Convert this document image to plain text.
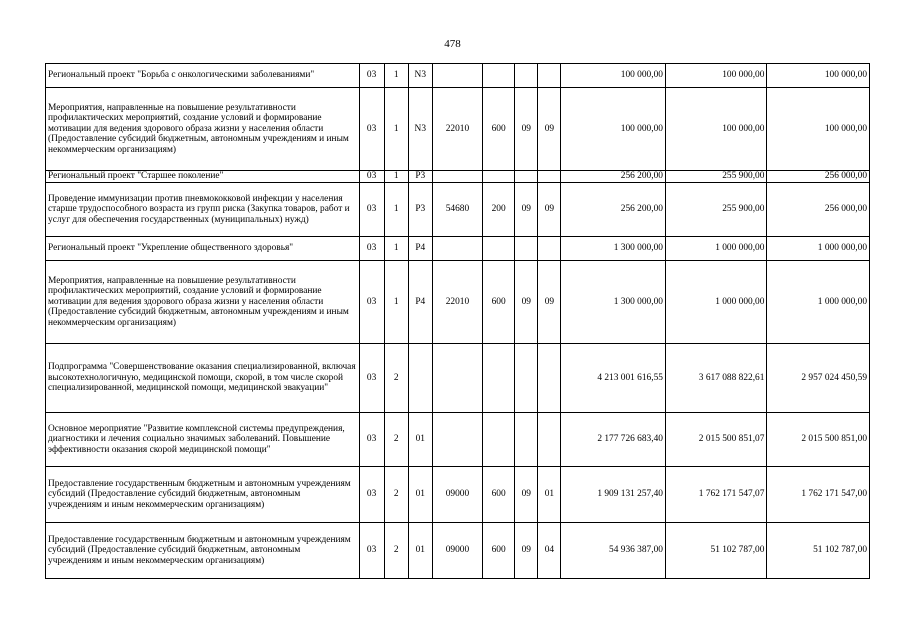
478
Региональный проект "Борьба с онкологическими заболеваниями"	03	1	N3					100 000,00	100 000,00	100 000,00
Мероприятия, направленные на повышение результативности профилактических мероприятий, создание условий и формирование мотивации для ведения здорового образа жизни у населения области (Предоставление субсидий бюджетным, автономным учреждениям и иным некоммерческим организациям)	03	1	N3	22010	600	09	09	100 000,00	100 000,00	100 000,00
Региональный проект "Старшее поколение"	03	1	P3					256 200,00	255 900,00	256 000,00
Проведение иммунизации против пневмококковой инфекции у населения старше трудоспособного возраста из групп риска (Закупка товаров, работ и услуг для обеспечения государственных (муниципальных) нужд)	03	1	P3	54680	200	09	09	256 200,00	255 900,00	256 000,00
Региональный проект "Укрепление общественного здоровья"	03	1	P4					1 300 000,00	1 000 000,00	1 000 000,00
Мероприятия, направленные на повышение результативности профилактических мероприятий, создание условий и формирование мотивации для ведения здорового образа жизни у населения области (Предоставление субсидий бюджетным, автономным учреждениям и иным некоммерческим организациям)	03	1	P4	22010	600	09	09	1 300 000,00	1 000 000,00	1 000 000,00
Подпрограмма "Совершенствование оказания специализированной, включая высокотехнологичную, медицинской помощи, скорой, в том числе скорой специализированной, медицинской помощи, медицинской эвакуации"	03	2						4 213 001 616,55	3 617 088 822,61	2 957 024 450,59
Основное мероприятие "Развитие комплексной системы предупреждения, диагностики и лечения социально значимых заболеваний. Повышение эффективности оказания скорой медицинской помощи"	03	2	01					2 177 726 683,40	2 015 500 851,07	2 015 500 851,00
Предоставление государственным бюджетным и автономным учреждениям субсидий (Предоставление субсидий бюджетным, автономным учреждениям и иным некоммерческим организациям)	03	2	01	09000	600	09	01	1 909 131 257,40	1 762 171 547,07	1 762 171 547,00
Предоставление государственным бюджетным и автономным учреждениям субсидий (Предоставление субсидий бюджетным, автономным учреждениям и иным некоммерческим организациям)	03	2	01	09000	600	09	04	54 936 387,00	51 102 787,00	51 102 787,00
